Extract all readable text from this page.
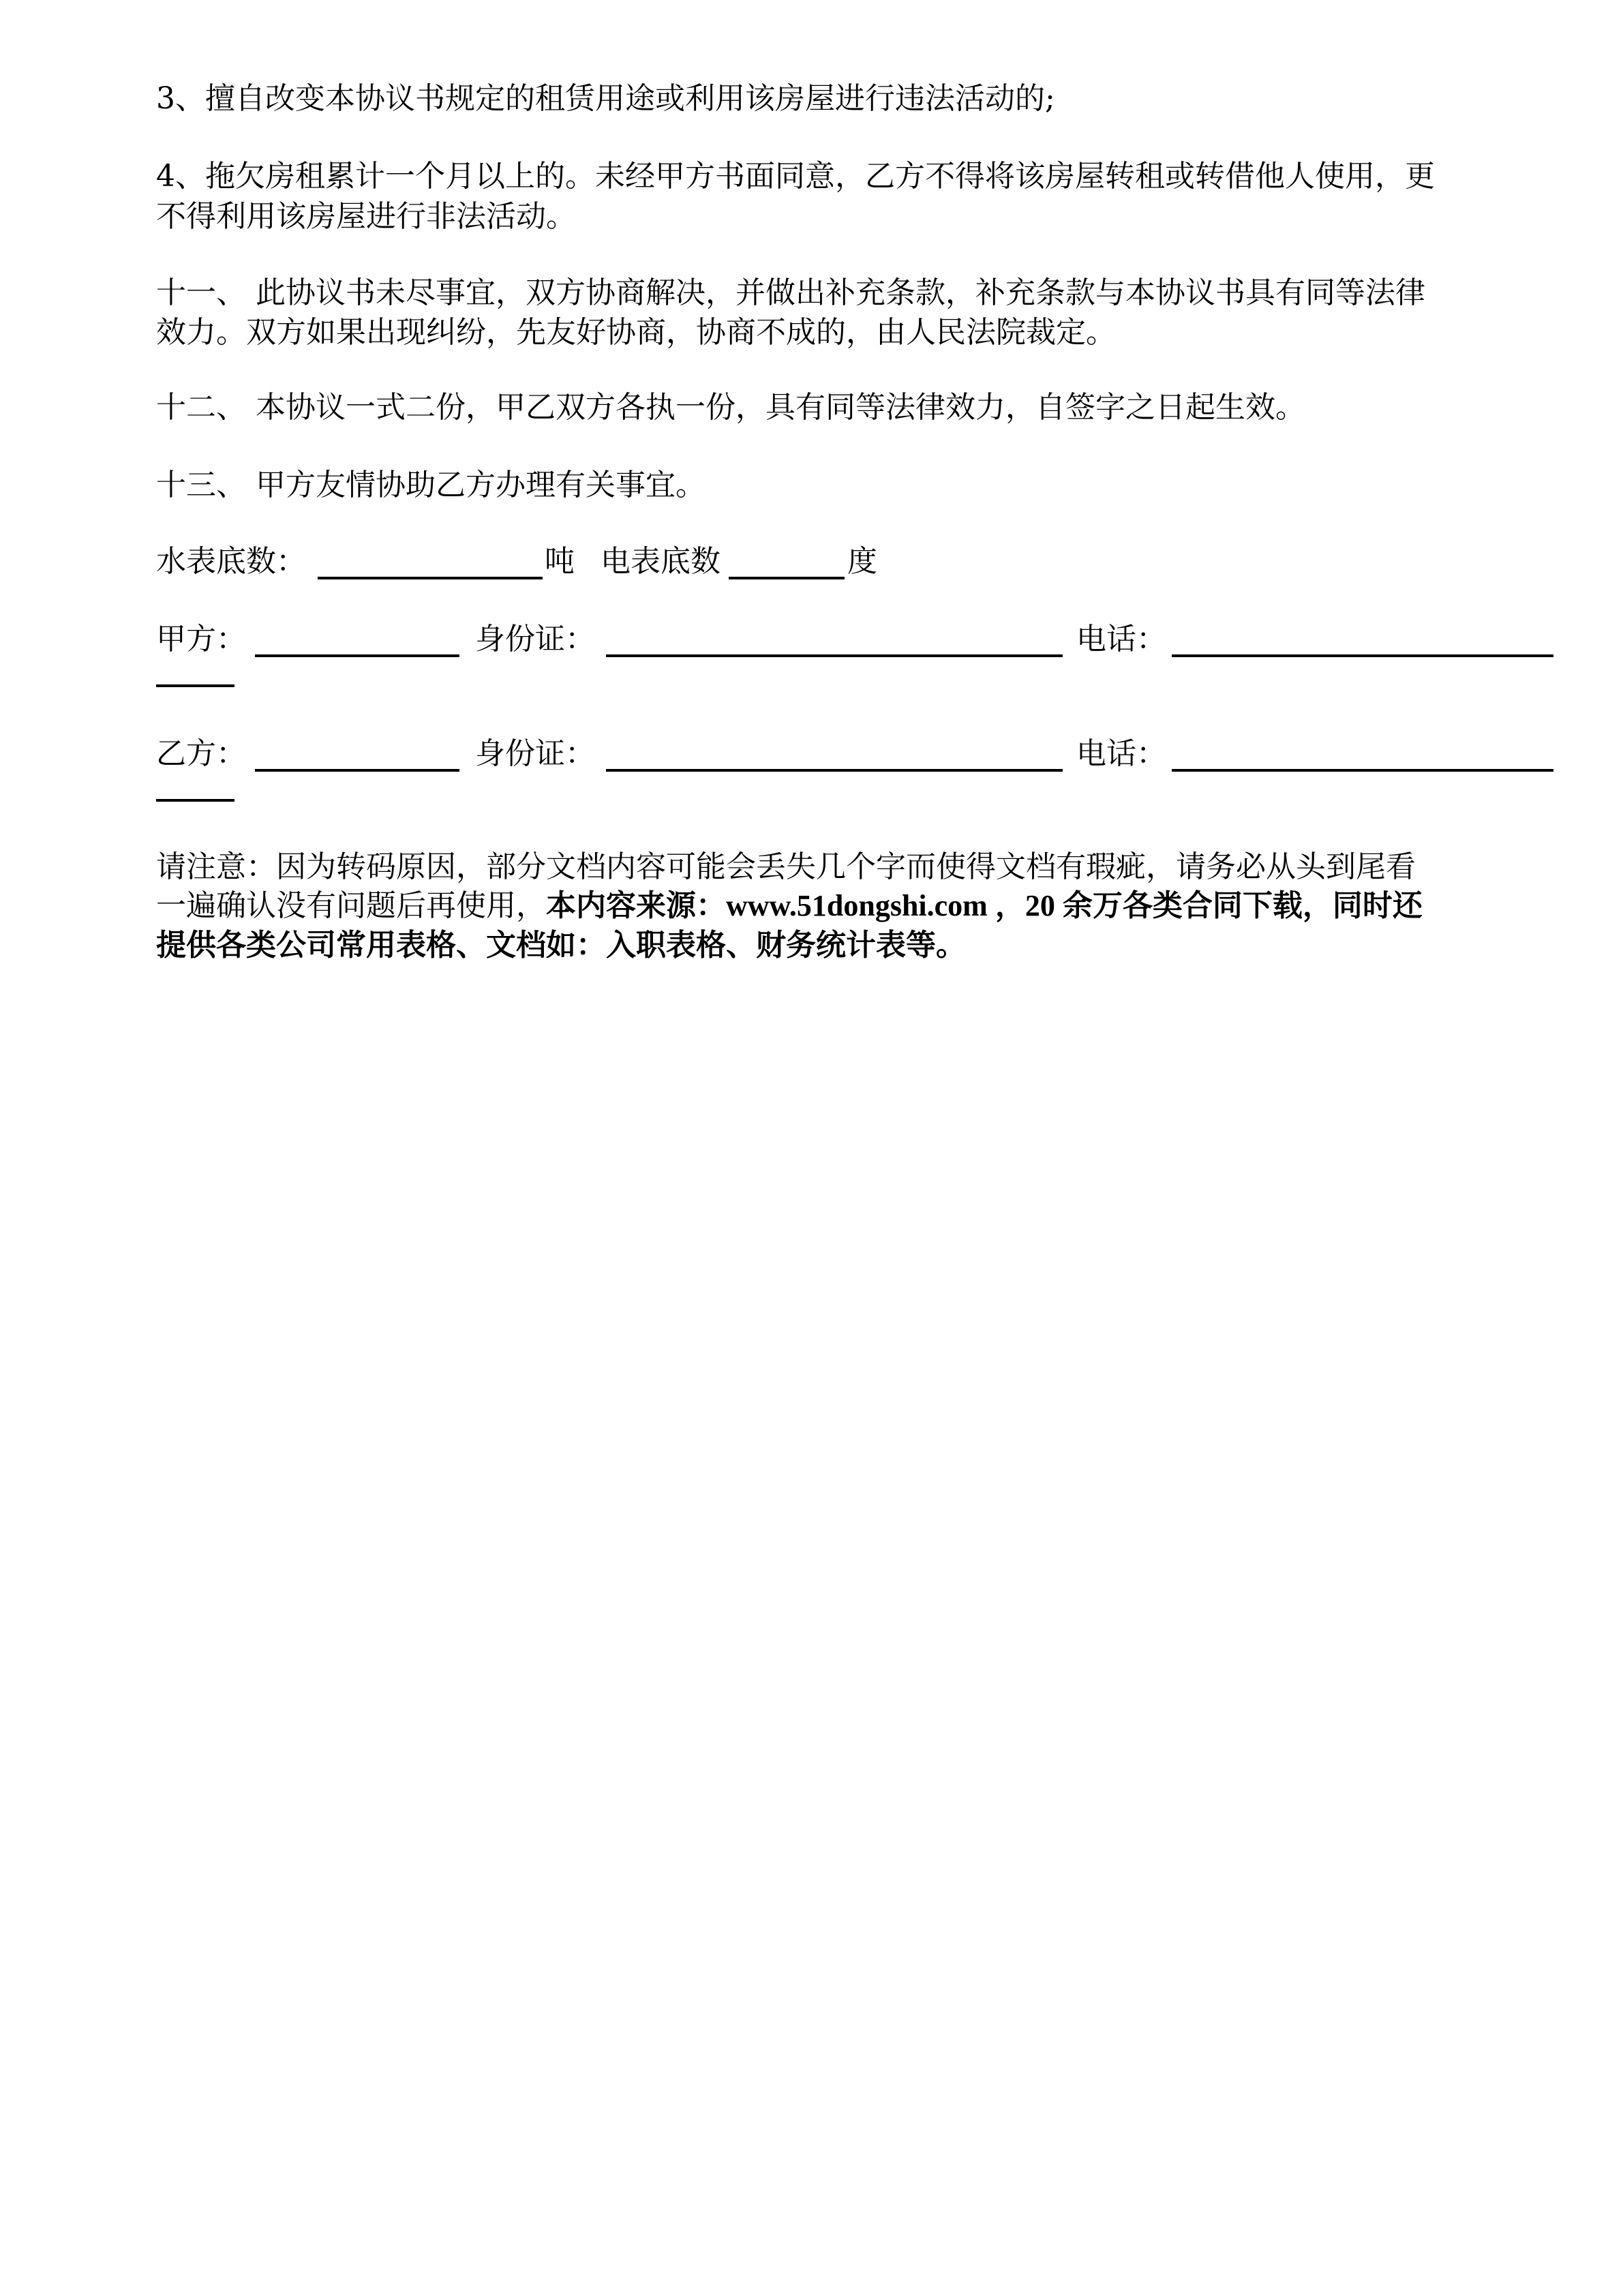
3、擅自改变本协议书规定的租赁用途或利用该房屋进行违法活动的;
4、拖欠房租累计一个月以上的。未经甲方书面同意，乙方不得将该房屋转租或转借他人使用，更
不得利用该房屋进行非法活动。
十一、 此协议书未尽事宜，双方协商解决，并做出补充条款，补充条款与本协议书具有同等法律
效力。双方如果出现纠纷，先友好协商，协商不成的，由人民法院裁定。
十二、 本协议一式二份，甲乙双方各执一份，具有同等法律效力，自签字之日起生效。
十三、 甲方友情协助乙方办理有关事宜。
水表底数：	吨 电表底数	度
甲方：	身份证：	电话：
乙方：	身份证：	电话：
请注意：因为转码原因，部分文档内容可能会丢失几个字而使得文档有瑕疵，请务必从头到尾看
一遍确认没有问题后再使用，本内容来源：www.51dongshi.com ，20 余万各类合同下载，同时还
提供各类公司常用表格、文档如：入职表格、财务统计表等。
